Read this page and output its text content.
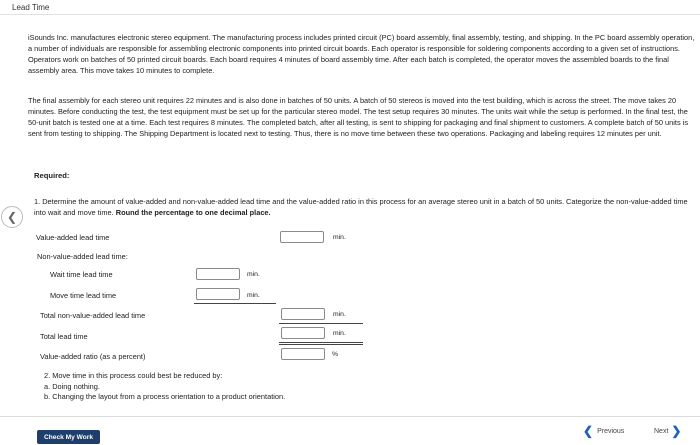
Lead Time

iSounds Inc. manufactures electronic stereo equipment. The manufacturing process includes printed circuit (PC) board assembly, final assembly, testing, and shipping. In the PC board assembly operation, a number of individuals are responsible for assembling electronic components into printed circuit boards. Each operator is responsible for soldering components according to a given set of instructions. Operators work on batches of 50 printed circuit boards. Each board requires 4 minutes of board assembly time. After each batch is completed, the operator moves the assembled boards to the final assembly area. This move takes 10 minutes to complete.

The final assembly for each stereo unit requires 22 minutes and is also done in batches of 50 units. A batch of 50 stereos is moved into the test building, which is across the street. The move takes 20 minutes. Before conducting the test, the test equipment must be set up for the particular stereo model. The test setup requires 30 minutes. The units wait while the setup is performed. In the final test, the 50-unit batch is tested one at a time. Each test requires 8 minutes. The completed batch, after all testing, is sent to shipping for packaging and final shipment to customers. A complete batch of 50 units is sent from testing to shipping. The Shipping Department is located next to testing. Thus, there is no move time between these two operations. Packaging and labeling requires 12 minutes per unit.

Required:
❮

1. Determine the amount of value-added and non-value-added lead time and the value-added ratio in this process for an average stereo unit in a batch of 50 units. Categorize the non-value-added time into wait and move time. Round the percentage to one decimal place.

Value-added lead time	min.
Non-value-added lead time:
Wait time lead time	min.
Move time lead time	min.
Total non-value-added lead time	min.
Total lead time	min.
Value-added ratio (as a percent)	%
2. Move time in this process could best be reduced by:
a. Doing nothing.
b. Changing the layout from a process orientation to a product orientation.
Check My Work	❮ Previous	Next ❯
